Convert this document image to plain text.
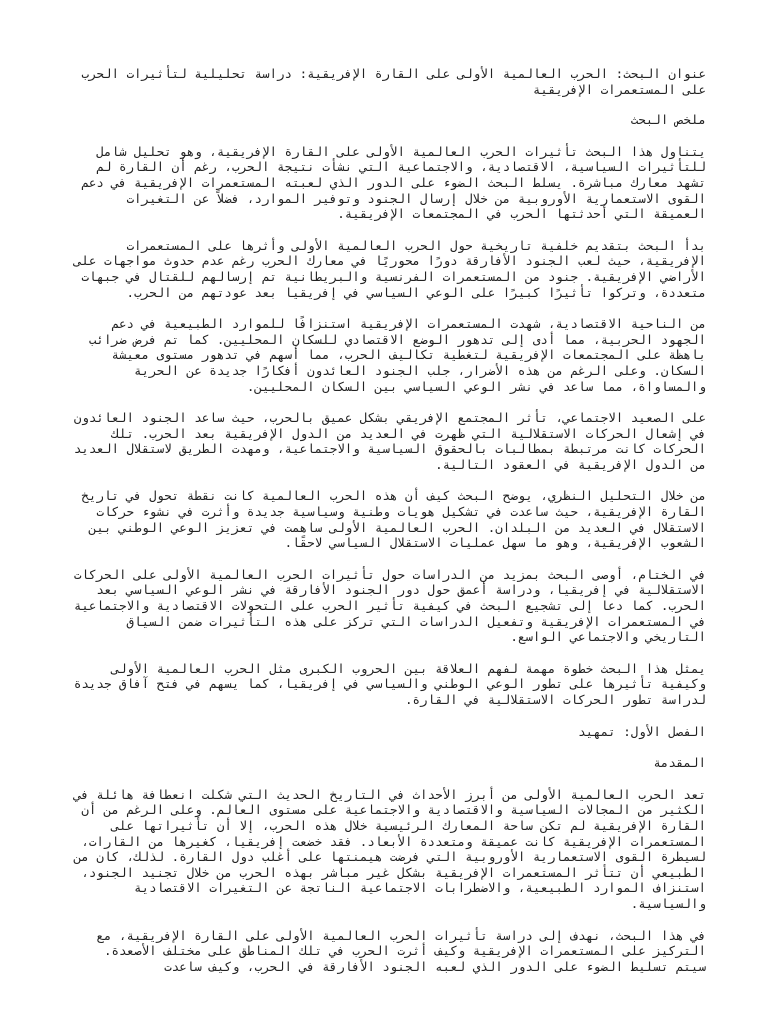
عنوان البحث: الحرب العالمية الأولى على القارة الإفريقية: دراسة تحليلية لتأثيرات الحرب على المستعمرات الإفريقية
ملخص البحث
يتناول هذا البحث تأثيرات الحرب العالمية الأولى على القارة الإفريقية، وهو تحليل شامل للتأثيرات السياسية، الاقتصادية، والاجتماعية التي نشأت نتيجة الحرب، رغم أن القارة لم تشهد معارك مباشرة. يسلط البحث الضوء على الدور الذي لعبته المستعمرات الإفريقية في دعم القوى الاستعمارية الأوروبية من خلال إرسال الجنود وتوفير الموارد، فضلاً عن التغيرات العميقة التي أحدثتها الحرب في المجتمعات الإفريقية.
بدأ البحث بتقديم خلفية تاريخية حول الحرب العالمية الأولى وأثرها على المستعمرات الإفريقية، حيث لعب الجنود الأفارقة دورًا محوريًا في معارك الحرب رغم عدم حدوث مواجهات على الأراضي الإفريقية. جنود من المستعمرات الفرنسية والبريطانية تم إرسالهم للقتال في جبهات متعددة، وتركوا تأثيرًا كبيرًا على الوعي السياسي في إفريقيا بعد عودتهم من الحرب.
من الناحية الاقتصادية، شهدت المستعمرات الإفريقية استنزافًا للموارد الطبيعية في دعم الجهود الحربية، مما أدى إلى تدهور الوضع الاقتصادي للسكان المحليين. كما تم فرض ضرائب باهظة على المجتمعات الإفريقية لتغطية تكاليف الحرب، مما أسهم في تدهور مستوى معيشة السكان. وعلى الرغم من هذه الأضرار، جلب الجنود العائدون أفكارًا جديدة عن الحرية والمساواة، مما ساعد في نشر الوعي السياسي بين السكان المحليين.
على الصعيد الاجتماعي، تأثر المجتمع الإفريقي بشكل عميق بالحرب، حيث ساعد الجنود العائدون في إشعال الحركات الاستقلالية التي ظهرت في العديد من الدول الإفريقية بعد الحرب. تلك الحركات كانت مرتبطة بمطالبات بالحقوق السياسية والاجتماعية، ومهدت الطريق لاستقلال العديد من الدول الإفريقية في العقود التالية.
من خلال التحليل النظري، يوضح البحث كيف أن هذه الحرب العالمية كانت نقطة تحول في تاريخ القارة الإفريقية، حيث ساعدت في تشكيل هويات وطنية وسياسية جديدة وأثرت في نشوء حركات الاستقلال في العديد من البلدان. الحرب العالمية الأولى ساهمت في تعزيز الوعي الوطني بين الشعوب الإفريقية، وهو ما سهل عمليات الاستقلال السياسي لاحقًا.
في الختام، أوصى البحث بمزيد من الدراسات حول تأثيرات الحرب العالمية الأولى على الحركات الاستقلالية في إفريقيا، ودراسة أعمق حول دور الجنود الأفارقة في نشر الوعي السياسي بعد الحرب. كما دعا إلى تشجيع البحث في كيفية تأثير الحرب على التحولات الاقتصادية والاجتماعية في المستعمرات الإفريقية وتفعيل الدراسات التي تركز على هذه التأثيرات ضمن السياق التاريخي والاجتماعي الواسع.
يمثل هذا البحث خطوة مهمة لفهم العلاقة بين الحروب الكبرى مثل الحرب العالمية الأولى وكيفية تأثيرها على تطور الوعي الوطني والسياسي في إفريقيا، كما يسهم في فتح آفاق جديدة لدراسة تطور الحركات الاستقلالية في القارة.
الفصل الأول: تمهيد
المقدمة
تعد الحرب العالمية الأولى من أبرز الأحداث في التاريخ الحديث التي شكلت انعطافة هائلة في الكثير من المجالات السياسية والاقتصادية والاجتماعية على مستوى العالم. وعلى الرغم من أن القارة الإفريقية لم تكن ساحة المعارك الرئيسية خلال هذه الحرب، إلا أن تأثيراتها على المستعمرات الإفريقية كانت عميقة ومتعددة الأبعاد. فقد خضعت إفريقيا، كغيرها من القارات، لسيطرة القوى الاستعمارية الأوروبية التي فرضت هيمنتها على أغلب دول القارة. لذلك، كان من الطبيعي أن تتأثر المستعمرات الإفريقية بشكل غير مباشر بهذه الحرب من خلال تجنيد الجنود، استنزاف الموارد الطبيعية، والاضطرابات الاجتماعية الناتجة عن التغيرات الاقتصادية والسياسية.
في هذا البحث، نهدف إلى دراسة تأثيرات الحرب العالمية الأولى على القارة الإفريقية، مع التركيز على المستعمرات الإفريقية وكيف أثرت الحرب في تلك المناطق على مختلف الأصعدة. سيتم تسليط الضوء على الدور الذي لعبه الجنود الأفارقة في الحرب، وكيف ساعدت
